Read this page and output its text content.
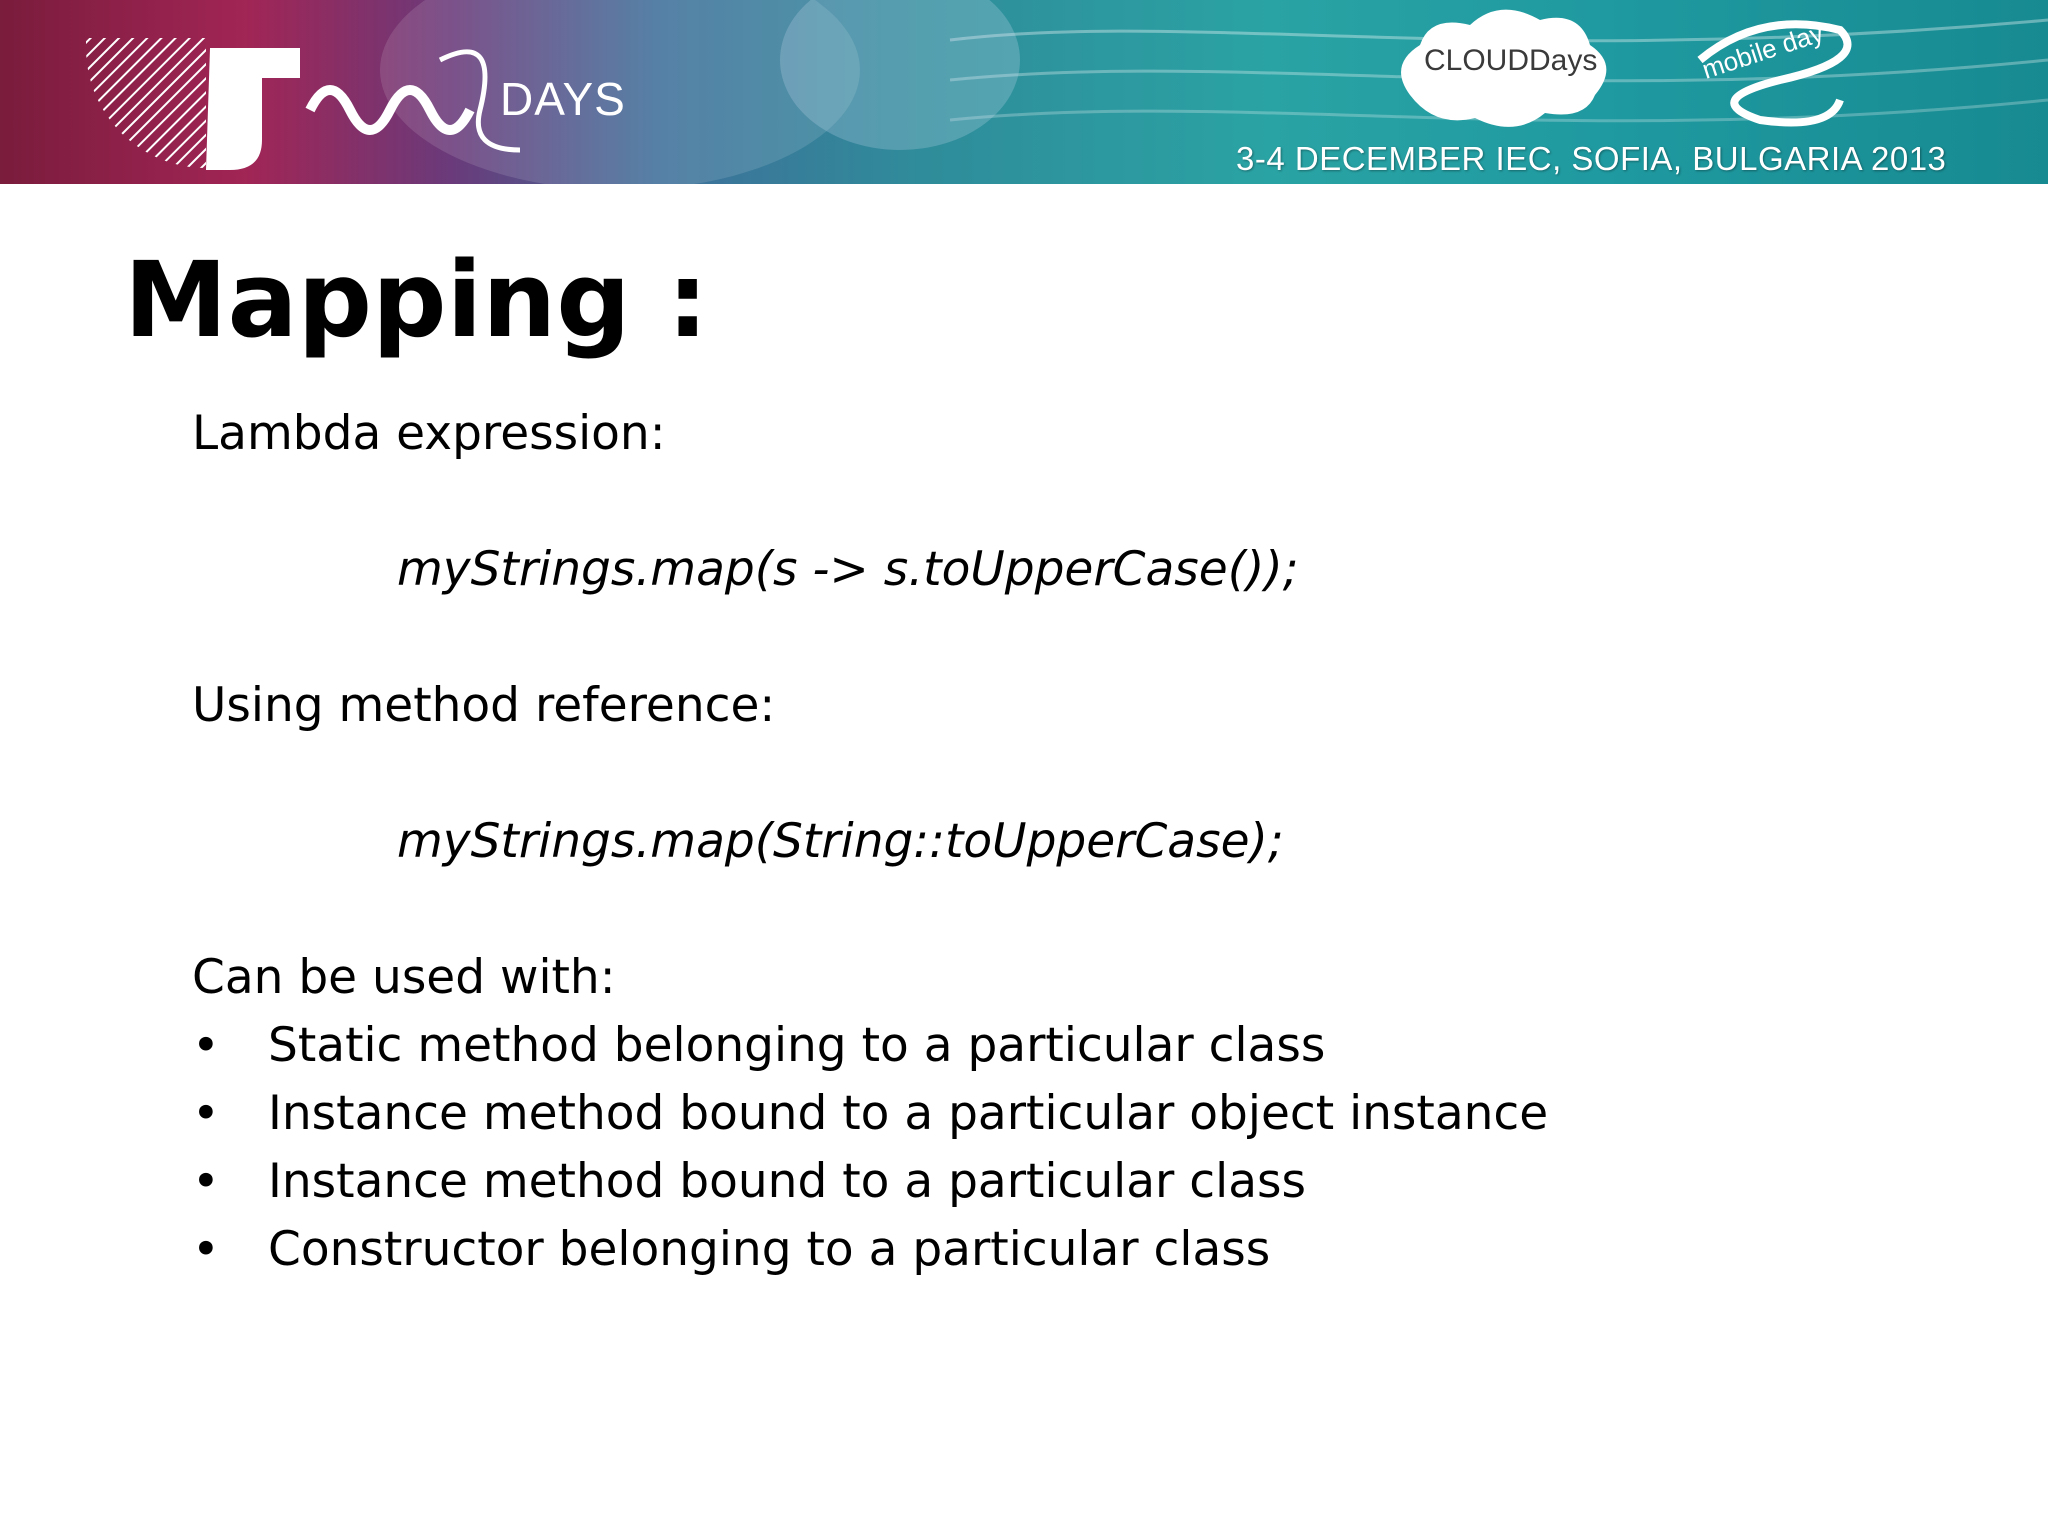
DAYS
CLOUDDays	mobile day
3-4 DECEMBER IEC, SOFIA, BULGARIA 2013
Mapping :
Lambda expression:
myStrings.map(s -> s.toUpperCase());
Using method reference:
myStrings.map(String::toUpperCase);
Can be used with:
• Static method belonging to a particular class
• Instance method bound to a particular object instance
• Instance method bound to a particular class
• Constructor belonging to a particular class
